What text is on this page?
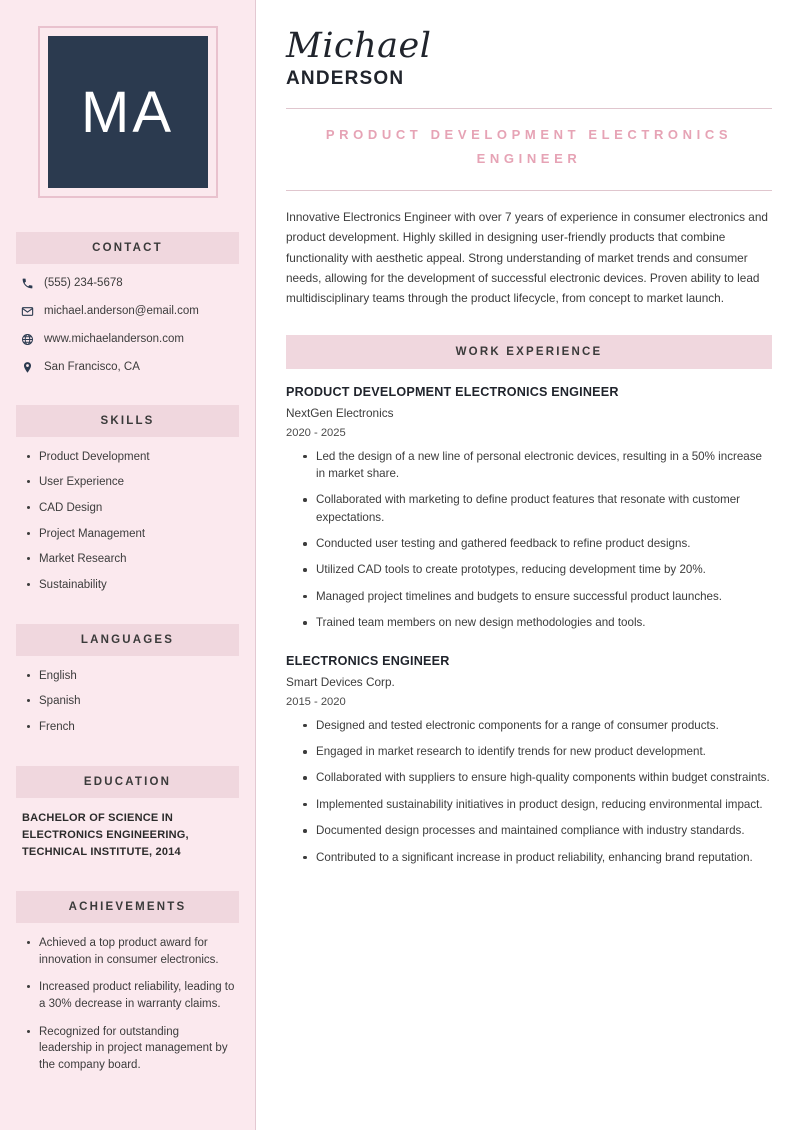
MA
CONTACT
(555) 234-5678
michael.anderson@email.com
www.michaelanderson.com
San Francisco, CA
SKILLS
Product Development
User Experience
CAD Design
Project Management
Market Research
Sustainability
LANGUAGES
English
Spanish
French
EDUCATION
BACHELOR OF SCIENCE IN ELECTRONICS ENGINEERING, TECHNICAL INSTITUTE, 2014
ACHIEVEMENTS
Achieved a top product award for innovation in consumer electronics.
Increased product reliability, leading to a 30% decrease in warranty claims.
Recognized for outstanding leadership in project management by the company board.
Michael
ANDERSON
PRODUCT DEVELOPMENT ELECTRONICS ENGINEER

Innovative Electronics Engineer with over 7 years of experience in consumer electronics and product development. Highly skilled in designing user-friendly products that combine functionality with aesthetic appeal. Strong understanding of market trends and consumer needs, allowing for the development of successful electronic devices. Proven ability to lead multidisciplinary teams through the product lifecycle, from concept to market launch.

WORK EXPERIENCE
PRODUCT DEVELOPMENT ELECTRONICS ENGINEER
NextGen Electronics
2020 - 2025
Led the design of a new line of personal electronic devices, resulting in a 50% increase in market share.
Collaborated with marketing to define product features that resonate with customer expectations.
Conducted user testing and gathered feedback to refine product designs.
Utilized CAD tools to create prototypes, reducing development time by 20%.
Managed project timelines and budgets to ensure successful product launches.
Trained team members on new design methodologies and tools.
ELECTRONICS ENGINEER
Smart Devices Corp.
2015 - 2020
Designed and tested electronic components for a range of consumer products.
Engaged in market research to identify trends for new product development.
Collaborated with suppliers to ensure high-quality components within budget constraints.
Implemented sustainability initiatives in product design, reducing environmental impact.
Documented design processes and maintained compliance with industry standards.
Contributed to a significant increase in product reliability, enhancing brand reputation.
